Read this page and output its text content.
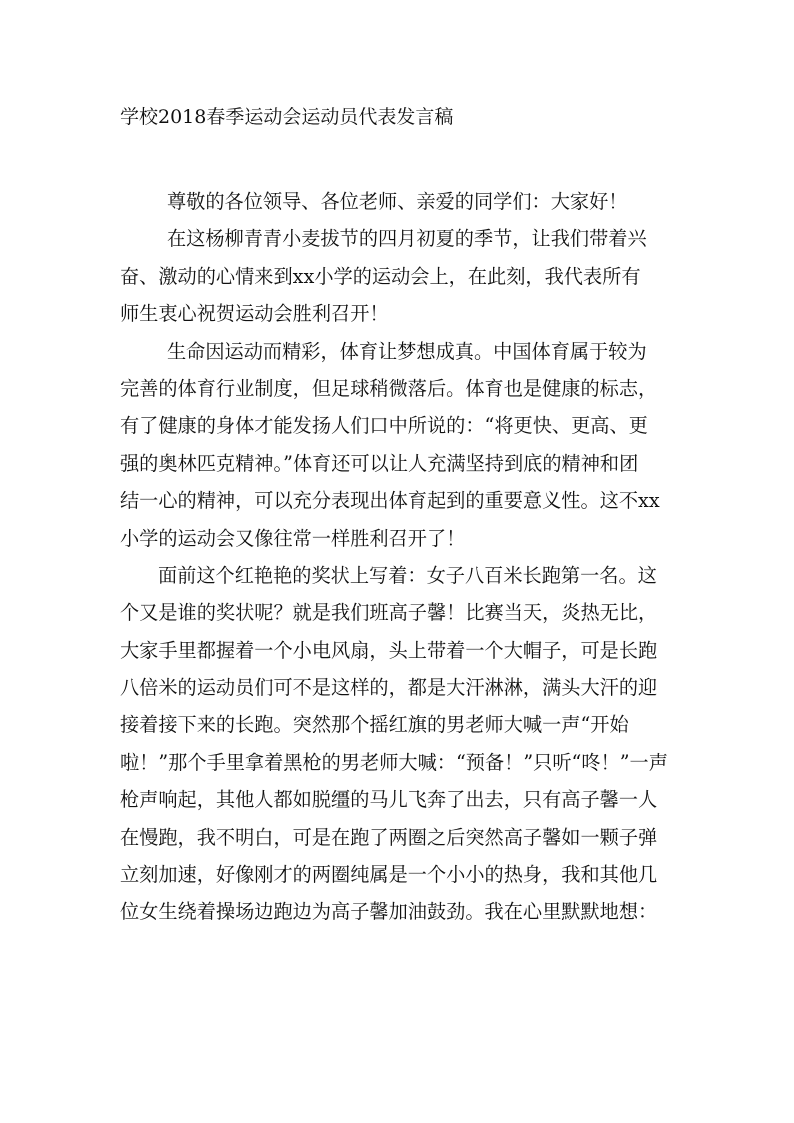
学校2018春季运动会运动员代表发言稿
尊敬的各位领导、各位老师、亲爱的同学们：大家好！
在这杨柳青青小麦拔节的四月初夏的季节，让我们带着兴
奋、激动的心情来到xx小学的运动会上，在此刻，我代表所有
师生衷心祝贺运动会胜利召开！
生命因运动而精彩，体育让梦想成真。中国体育属于较为
完善的体育行业制度，但足球稍微落后。体育也是健康的标志，
有了健康的身体才能发扬人们口中所说的：“将更快、更高、更
强的奥林匹克精神。”体育还可以让人充满坚持到底的精神和团
结一心的精神，可以充分表现出体育起到的重要意义性。这不xx
小学的运动会又像往常一样胜利召开了！
面前这个红艳艳的奖状上写着：女子八百米长跑第一名。这
个又是谁的奖状呢？就是我们班高子馨！比赛当天，炎热无比，
大家手里都握着一个小电风扇，头上带着一个大帽子，可是长跑
八倍米的运动员们可不是这样的，都是大汗淋淋，满头大汗的迎
接着接下来的长跑。突然那个摇红旗的男老师大喊一声“开始
啦！”那个手里拿着黑枪的男老师大喊：“预备！”只听“咚！”一声
枪声响起，其他人都如脱缰的马儿飞奔了出去，只有高子馨一人
在慢跑，我不明白，可是在跑了两圈之后突然高子馨如一颗子弹
立刻加速，好像刚才的两圈纯属是一个小小的热身，我和其他几
位女生绕着操场边跑边为高子馨加油鼓劲。我在心里默默地想：
